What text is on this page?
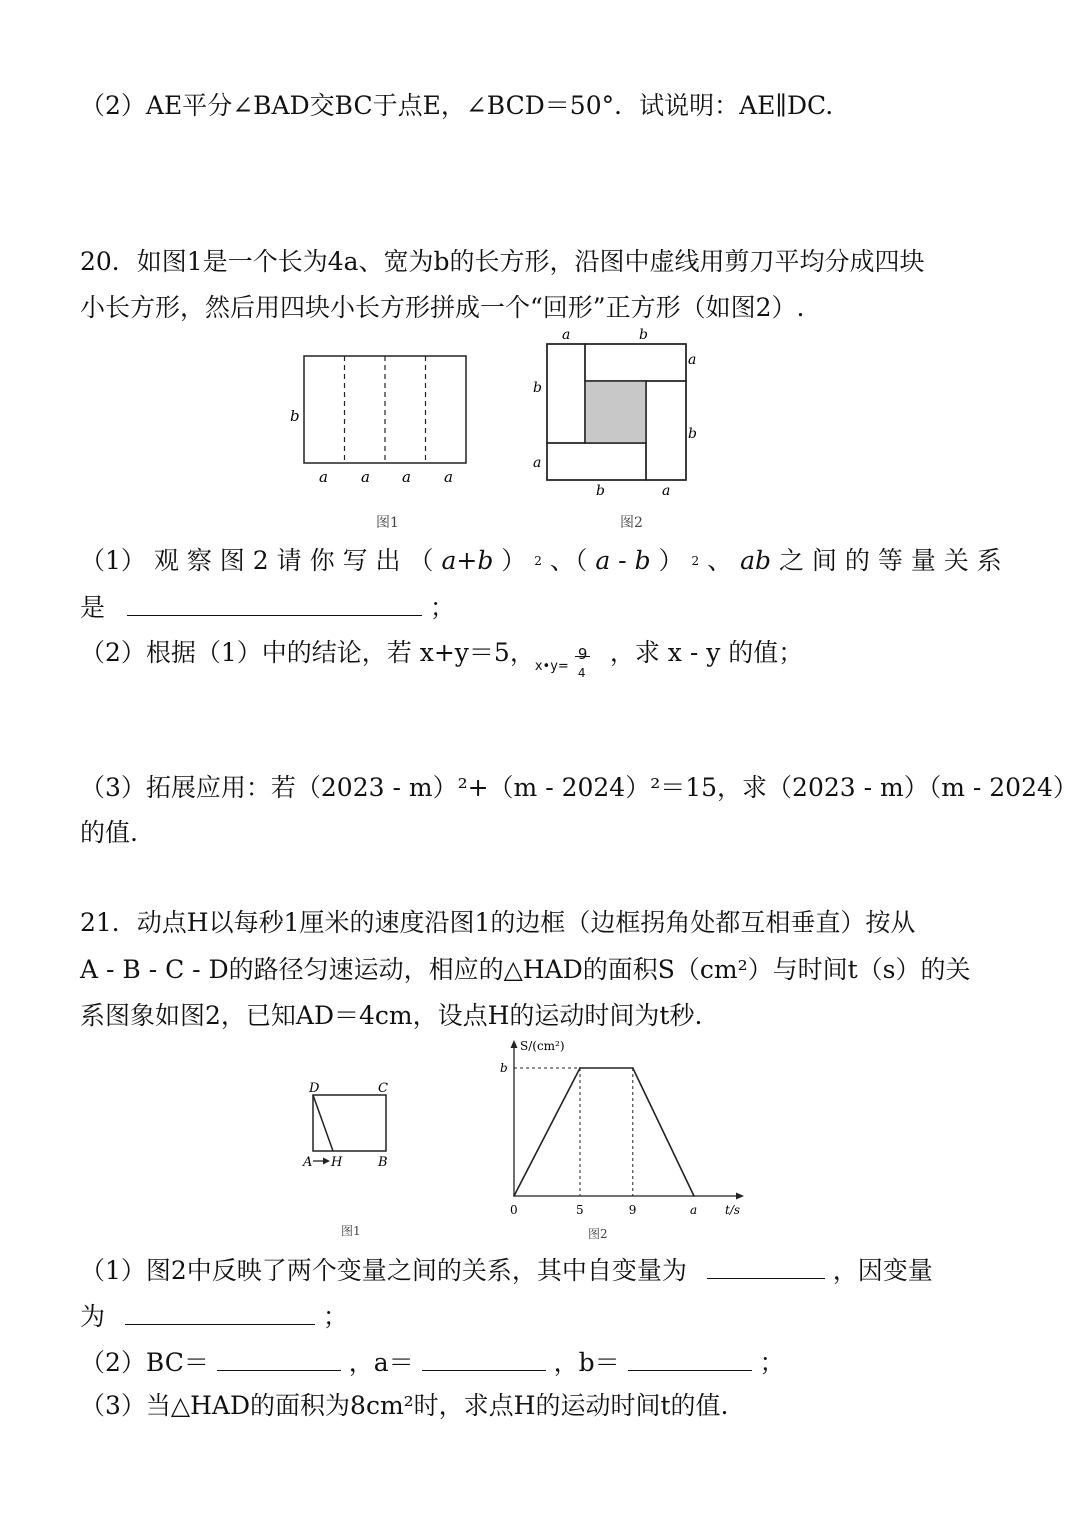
（2）AE平分∠BAD交BC于点E，∠BCD＝50°．试说明：AE∥DC.
20．如图1是一个长为4a、宽为b的长方形，沿图中虚线用剪刀平均分成四块
小长方形，然后用四块小长方形拼成一个“回形”正方形（如图2）.
b
a a a a
图1
a	b
a
b
b
a
b	a
图2
（1） 观 察 图 2 请 你 写 出 （ a+b ） 2 、（ a - b ） 2 、 ab 之 间 的 等 量 关 系
是	；
（2）根据（1）中的结论，若 x+y＝5， x•y=
9
4
，求 x - y 的值；
（3）拓展应用：若（2023 - m）²+（m - 2024）²＝15，求（2023 - m）（m - 2024）
的值.
21．动点H以每秒1厘米的速度沿图1的边框（边框拐角处都互相垂直）按从
A - B - C - D的路径匀速运动，相应的△HAD的面积S（cm²）与时间t（s）的关
系图象如图2，已知AD＝4cm，设点H的运动时间为t秒.
D	C
A H	B
图1
S/(cm²)
t/s
0	5	9	a
b
图2
（1）图2中反映了两个变量之间的关系，其中自变量为	，因变量
为	；
（2）BC＝	，a＝	，b＝	；
（3）当△HAD的面积为8cm²时，求点H的运动时间t的值.
